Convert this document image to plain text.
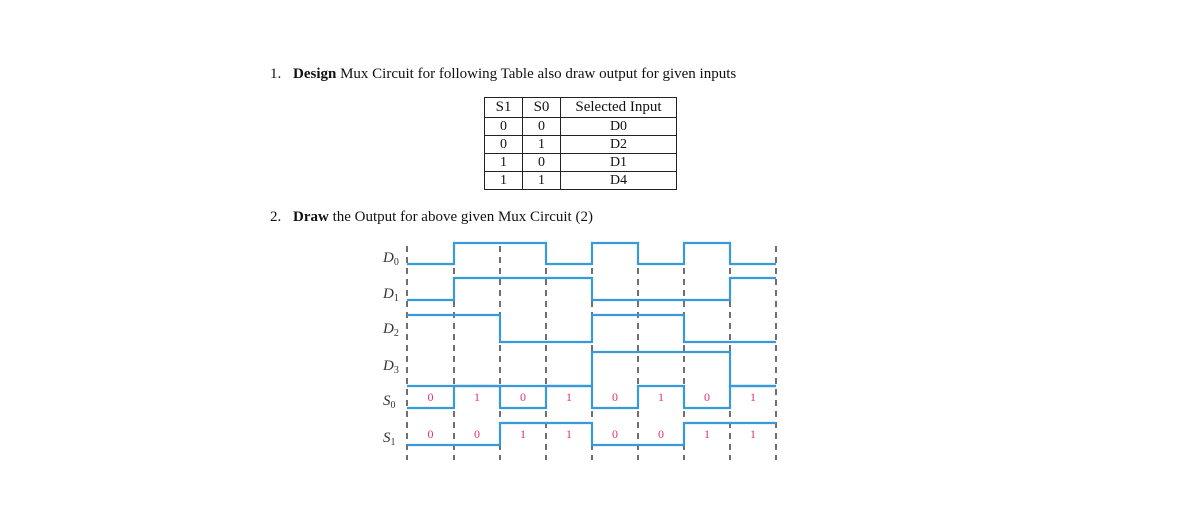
1. Design Mux Circuit for following Table also draw output for given inputs
S1	S0	Selected Input
0	0	D0
0	1	D2
1	0	D1
1	1	D4
2. Draw the Output for above given Mux Circuit (2)
$D_0$
$D_1$
$D_2$
$D_3$
$S_0$
0	1	0	1	0	1	0	1
$S_1$
0	0	1	1	0	0	1	1
